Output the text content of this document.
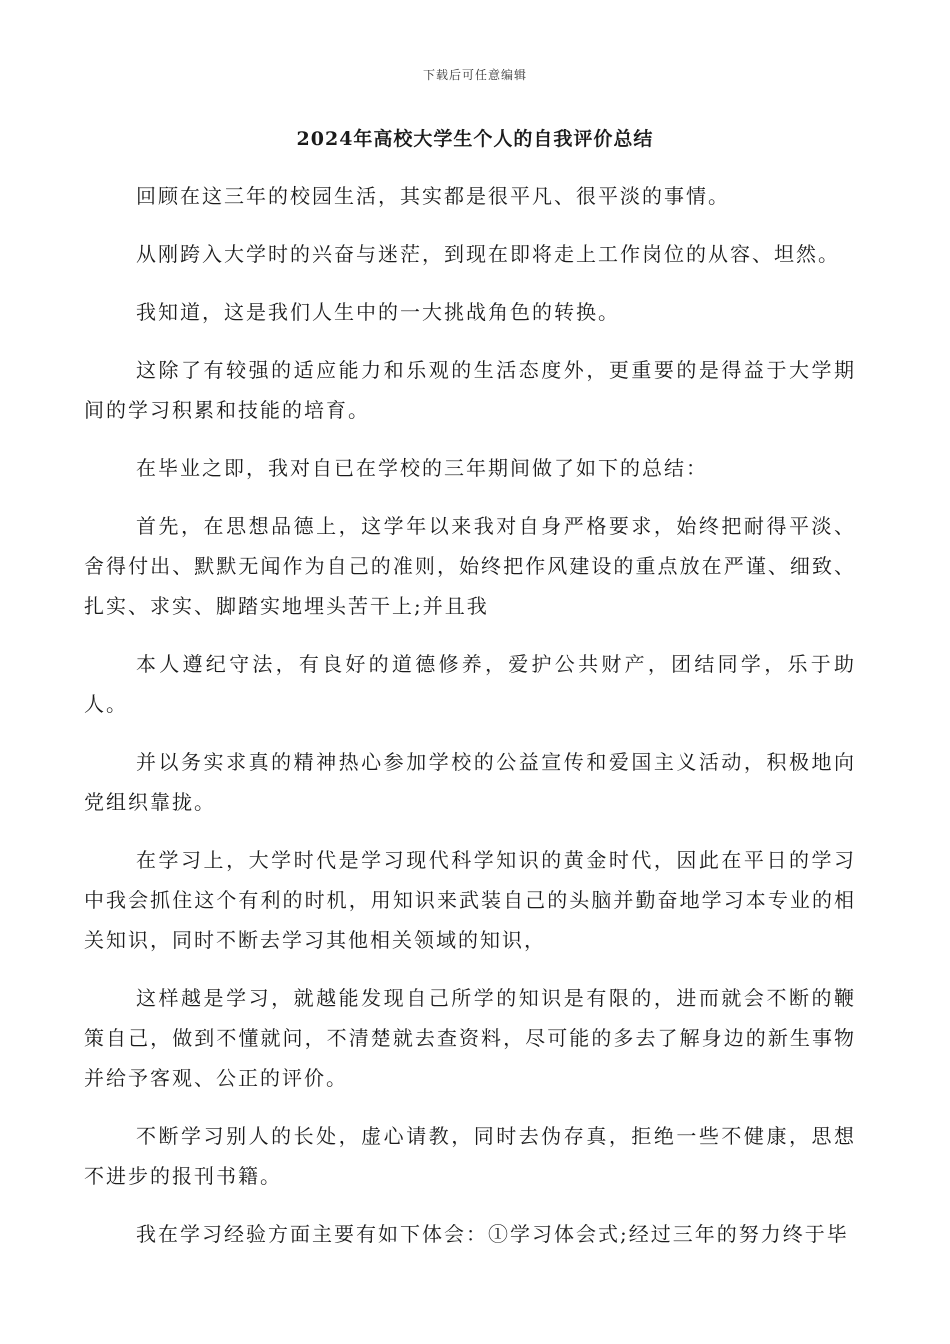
下载后可任意编辑
2024年高校大学生个人的自我评价总结

回顾在这三年的校园生活，其实都是很平凡、很平淡的事情。

从刚跨入大学时的兴奋与迷茫，到现在即将走上工作岗位的从容、坦然。

我知道，这是我们人生中的一大挑战角色的转换。

这除了有较强的适应能力和乐观的生活态度外，更重要的是得益于大学期间的学习积累和技能的培育。

在毕业之即，我对自已在学校的三年期间做了如下的总结：

首先，在思想品德上，这学年以来我对自身严格要求，始终把耐得平淡、舍得付出、默默无闻作为自己的准则，始终把作风建设的重点放在严谨、细致、扎实、求实、脚踏实地埋头苦干上;并且我

本人遵纪守法，有良好的道德修养，爱护公共财产，团结同学，乐于助人。

并以务实求真的精神热心参加学校的公益宣传和爱国主义活动，积极地向党组织靠拢。

在学习上，大学时代是学习现代科学知识的黄金时代，因此在平日的学习中我会抓住这个有利的时机，用知识来武装自己的头脑并勤奋地学习本专业的相关知识，同时不断去学习其他相关领域的知识，

这样越是学习，就越能发现自己所学的知识是有限的，进而就会不断的鞭策自己，做到不懂就问，不清楚就去查资料，尽可能的多去了解身边的新生事物并给予客观、公正的评价。

不断学习别人的长处，虚心请教，同时去伪存真，拒绝一些不健康，思想不进步的报刊书籍。

我在学习经验方面主要有如下体会：①学习体会式;经过三年的努力终于毕
